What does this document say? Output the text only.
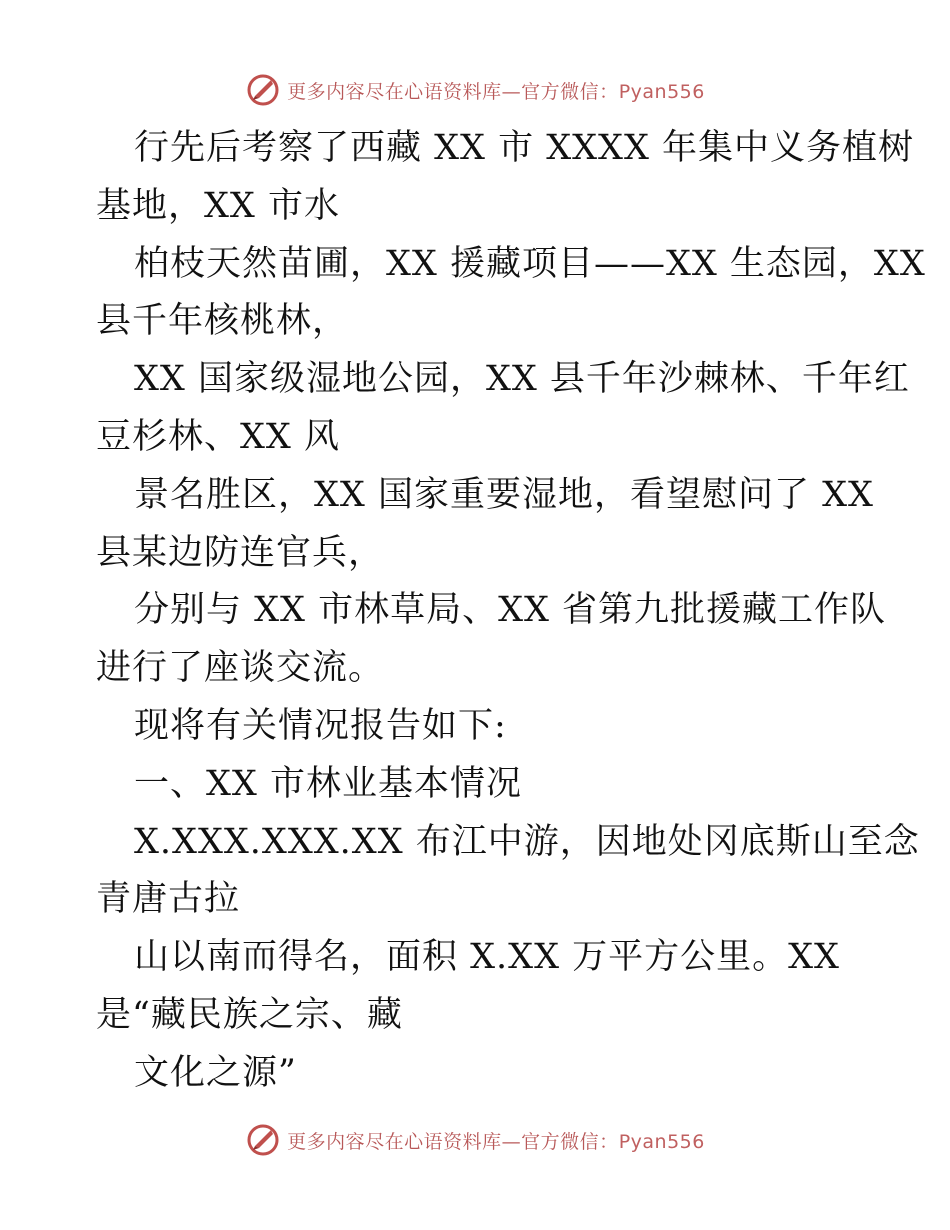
更多内容尽在心语资料库—官方微信：Pyan556
行先后考察了西藏 XX 市 XXXX 年集中义务植树
基地，XX 市水
柏枝天然苗圃，XX 援藏项目——XX 生态园，XX
县千年核桃林，
XX 国家级湿地公园，XX 县千年沙棘林、千年红
豆杉林、XX 风
景名胜区，XX 国家重要湿地，看望慰问了 XX
县某边防连官兵，
分别与 XX 市林草局、XX 省第九批援藏工作队
进行了座谈交流。
现将有关情况报告如下:
一、XX 市林业基本情况
X.XXX.XXX.XX 布江中游，因地处冈底斯山至念
青唐古拉
山以南而得名，面积 X.XX 万平方公里。XX
是“藏民族之宗、藏
文化之源”
更多内容尽在心语资料库—官方微信：Pyan556
